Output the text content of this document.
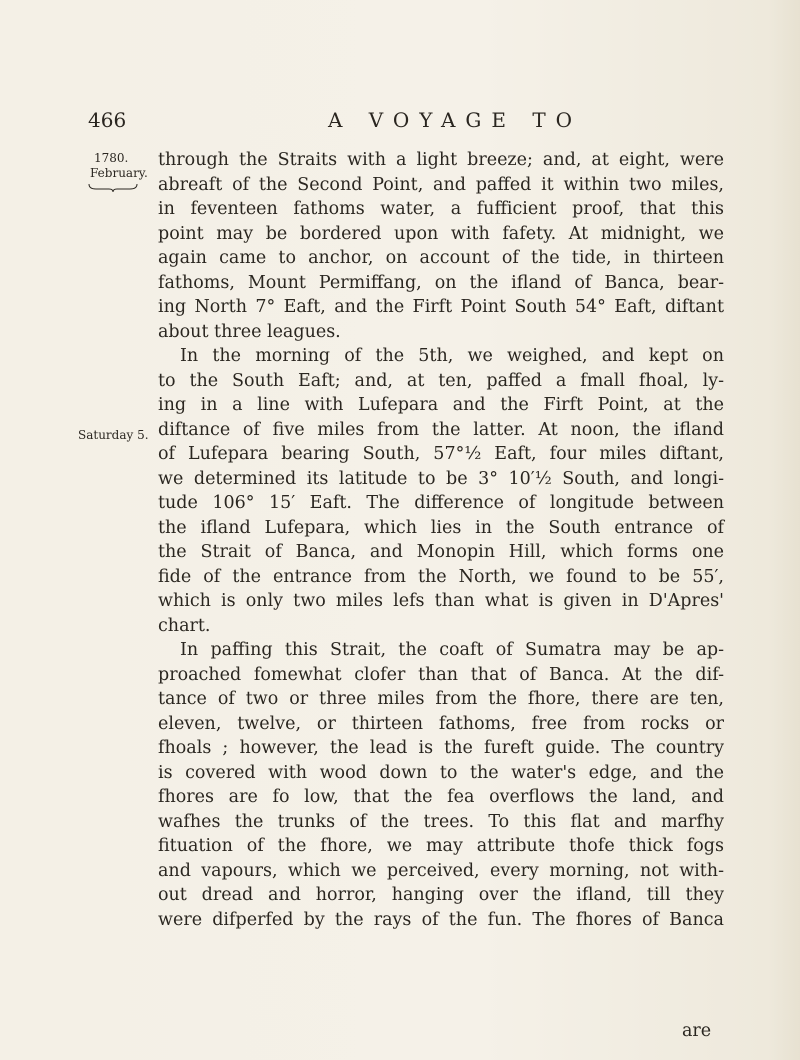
466	A VOYAGE TO
1780.
February.
Saturday 5.
through the Straits with a light breeze; and, at eight, were
abreaft of the Second Point, and paffed it within two miles,
in feventeen fathoms water, a fufficient proof, that this
point may be bordered upon with fafety. At midnight, we
again came to anchor, on account of the tide, in thirteen
fathoms, Mount Permiffang, on the ifland of Banca, bear-
ing North 7° Eaft, and the Firft Point South 54° Eaft, diftant
about three leagues.
In the morning of the 5th, we weighed, and kept on
to the South Eaft; and, at ten, paffed a fmall fhoal, ly-
ing in a line with Lufepara and the Firft Point, at the
diftance of five miles from the latter. At noon, the ifland
of Lufepara bearing South, 57°½ Eaft, four miles diftant,
we determined its latitude to be 3° 10′½ South, and longi-
tude 106° 15′ Eaft. The difference of longitude between
the ifland Lufepara, which lies in the South entrance of
the Strait of Banca, and Monopin Hill, which forms one
fide of the entrance from the North, we found to be 55′,
which is only two miles lefs than what is given in D'Apres'
chart.
In paffing this Strait, the coaft of Sumatra may be ap-
proached fomewhat clofer than that of Banca. At the dif-
tance of two or three miles from the fhore, there are ten,
eleven, twelve, or thirteen fathoms, free from rocks or
fhoals ; however, the lead is the fureft guide. The country
is covered with wood down to the water's edge, and the
fhores are fo low, that the fea overflows the land, and
wafhes the trunks of the trees. To this flat and marfhy
fituation of the fhore, we may attribute thofe thick fogs
and vapours, which we perceived, every morning, not with-
out dread and horror, hanging over the ifland, till they
were difperfed by the rays of the fun. The fhores of Banca
are
